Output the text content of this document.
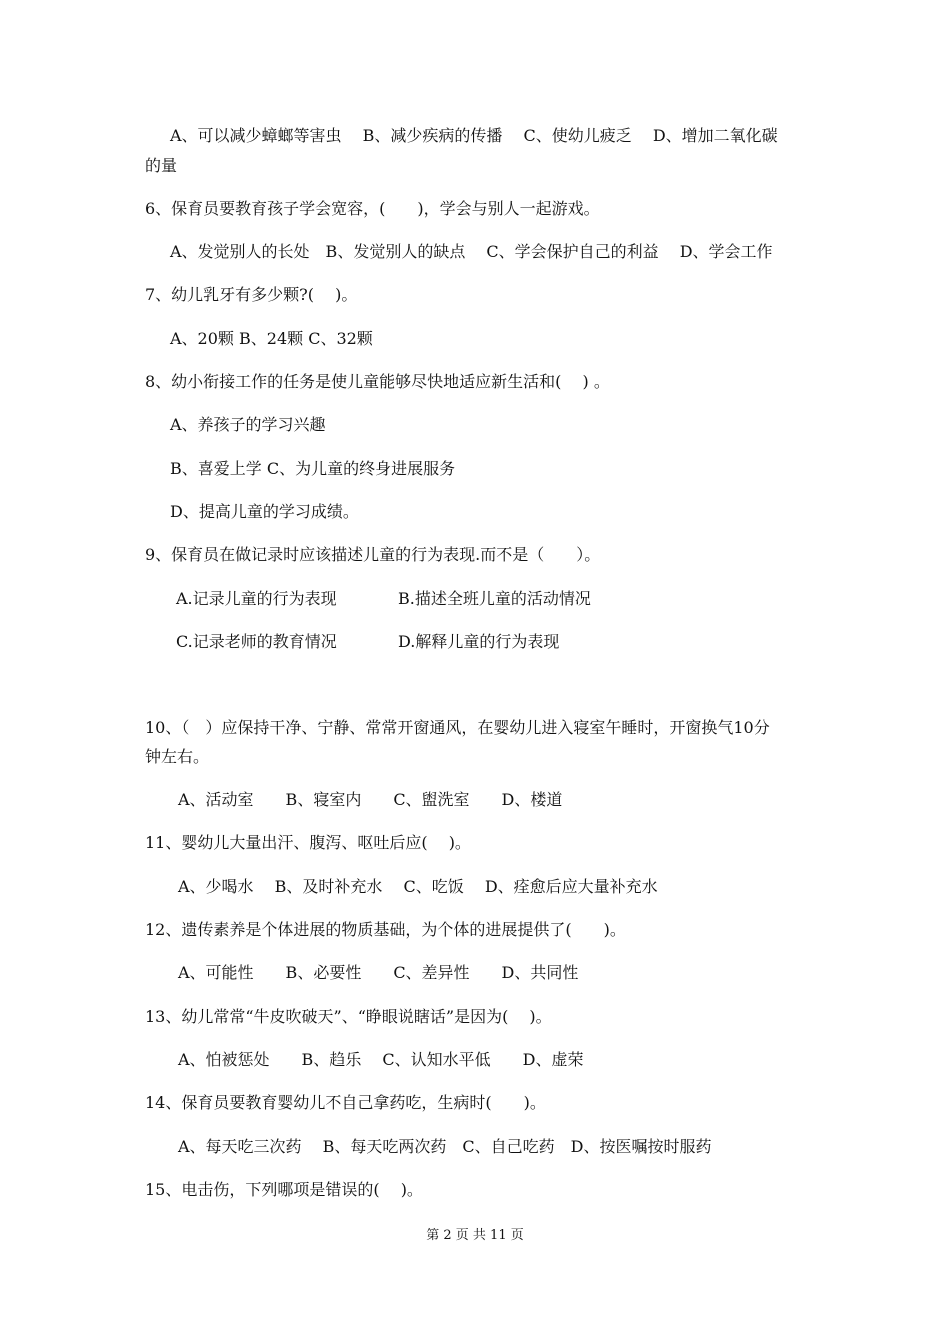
A、可以减少蟑螂等害虫　 B、减少疾病的传播　 C、使幼儿疲乏　 D、增加二氧化碳

的量

6、保育员要教育孩子学会宽容，(　　)，学会与别人一起游戏。

A、发觉别人的长处　B、发觉别人的缺点　 C、学会保护自己的利益　 D、学会工作

7、幼儿乳牙有多少颗?(　 )。

A、20颗 B、24颗 C、32颗

8、幼小衔接工作的任务是使儿童能够尽快地适应新生活和(　 ) 。

A、养孩子的学习兴趣

B、喜爱上学 C、为儿童的终身进展服务

D、提高儿童的学习成绩。

9、保育员在做记录时应该描述儿童的行为表现.而不是（　　）。

A.记录儿童的行为表现	B.描述全班儿童的活动情况

C.记录老师的教育情况	D.解释儿童的行为表现

10、（　）应保持干净、宁静、常常开窗通风，在婴幼儿进入寝室午睡时，开窗换气10分

钟左右。

A、活动室　　B、寝室内　　C、盥洗室　　D、楼道

11、婴幼儿大量出汗、腹泻、呕吐后应(　 )。

A、少喝水　 B、及时补充水　 C、吃饭　 D、痊愈后应大量补充水

12、遗传素养是个体进展的物质基础，为个体的进展提供了(　　)。

A、可能性　　B、必要性　　C、差异性　　D、共同性

13、幼儿常常“牛皮吹破天”、“睁眼说瞎话”是因为(　 )。

A、怕被惩处　　B、趋乐　 C、认知水平低　　D、虚荣

14、保育员要教育婴幼儿不自己拿药吃，生病时(　　)。

A、每天吃三次药　 B、每天吃两次药　C、自己吃药　D、按医嘱按时服药

15、电击伤，下列哪项是错误的(　 )。

第 2 页 共 11 页
